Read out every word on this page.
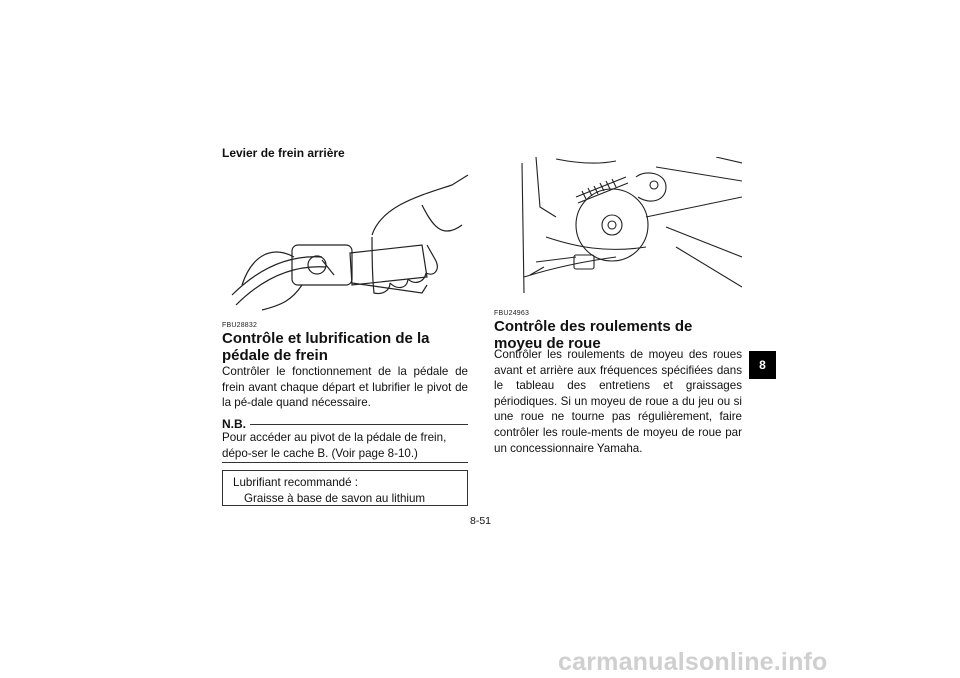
Levier de frein arrière
FBU28832
Contrôle et lubrification de la pédale de frein
Contrôler le fonctionnement de la pédale de frein avant chaque départ et lubrifier le pivot de la pé-dale quand nécessaire.
N.B.
Pour accéder au pivot de la pédale de frein, dépo-ser le cache B. (Voir page 8-10.)
Lubrifiant recommandé :
Graisse à base de savon au lithium
FBU24963
Contrôle des roulements de moyeu de roue
Contrôler les roulements de moyeu des roues avant et arrière aux fréquences spécifiées dans le tableau des entretiens et graissages périodiques. Si un moyeu de roue a du jeu ou si une roue ne tourne pas régulièrement, faire contrôler les roule-ments de moyeu de roue par un concessionnaire Yamaha.
8-51
8
carmanualsonline.info
